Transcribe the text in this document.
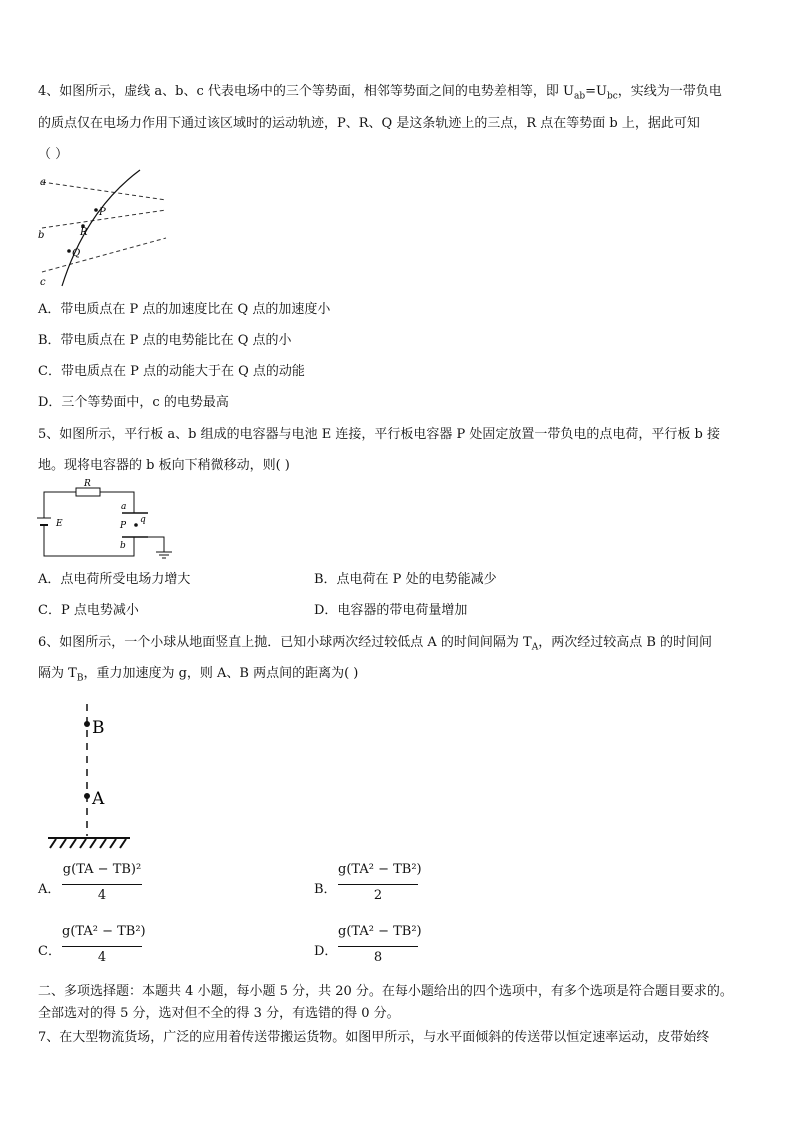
4、如图所示，虚线 a、b、c 代表电场中的三个等势面，相邻等势面之间的电势差相等，即 $U_{ab}=U_{bc}$，实线为一带负电
的质点仅在电场力作用下通过该区域时的运动轨迹，P、R、Q 是这条轨迹上的三点，R 点在等势面 b 上，据此可知
（ ）
a
b
c
P
R
Q
A．带电质点在 P 点的加速度比在 Q 点的加速度小
B．带电质点在 P 点的电势能比在 Q 点的小
C．带电质点在 P 点的动能大于在 Q 点的动能
D．三个等势面中，c 的电势最高
5、如图所示，平行板 a、b 组成的电容器与电池 E 连接，平行板电容器 P 处固定放置一带负电的点电荷，平行板 b 接
地。现将电容器的 b 板向下稍微移动，则( )
R
a
P
q
b
E
A．点电荷所受电场力增大	B．点电荷在 P 处的电势能减少
C．P 点电势减小	D．电容器的带电荷量增加
6、如图所示，一个小球从地面竖直上抛．已知小球两次经过较低点 A 的时间间隔为 $T_A$，两次经过较高点 B 的时间间
隔为 $T_B$，重力加速度为 g，则 A、B 两点间的距离为( )
B
A
A．
g(TA − TB)²
4	B．
g(TA² − TB²)
2
C．
g(TA² − TB²)
4	D．
g(TA² − TB²)
8
二、多项选择题：本题共 4 小题，每小题 5 分，共 20 分。在每小题给出的四个选项中，有多个选项是符合题目要求的。
全部选对的得 5 分，选对但不全的得 3 分，有选错的得 0 分。
7、在大型物流货场，广泛的应用着传送带搬运货物。如图甲所示，与水平面倾斜的传送带以恒定速率运动，皮带始终
